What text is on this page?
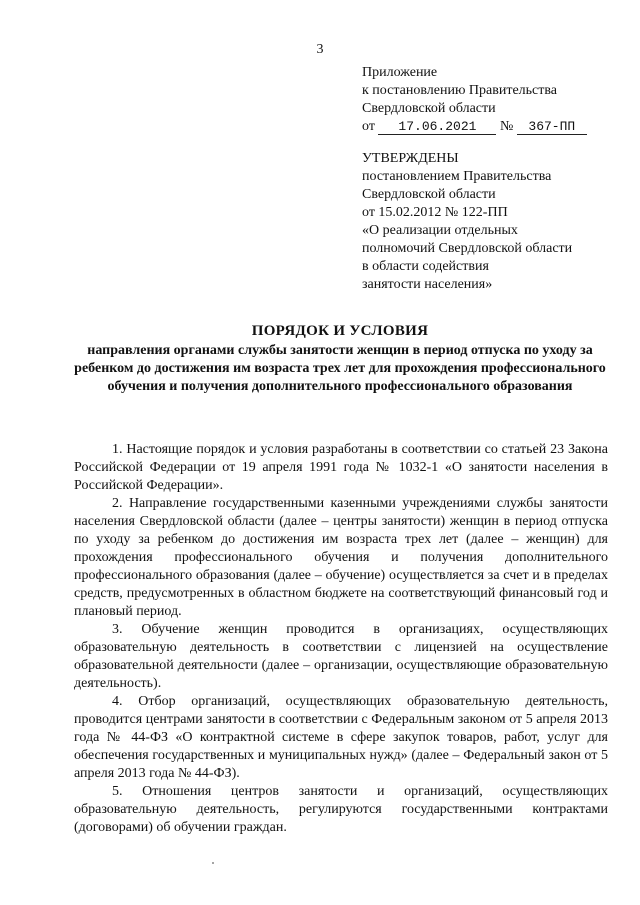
3
Приложение
к постановлению Правительства
Свердловской области
от 17.06.2021 № 367-ПП
УТВЕРЖДЕНЫ
постановлением Правительства
Свердловской области
от 15.02.2012 № 122-ПП
«О реализации отдельных
полномочий Свердловской области
в области содействия
занятости населения»
ПОРЯДОК И УСЛОВИЯ
направления органами службы занятости женщин в период отпуска по уходу за ребенком до достижения им возраста трех лет для прохождения профессионального обучения и получения дополнительного профессионального образования

1. Настоящие порядок и условия разработаны в соответствии со статьей 23 Закона Российской Федерации от 19 апреля 1991 года № 1032-1 «О занятости населения в Российской Федерации».

2. Направление государственными казенными учреждениями службы занятости населения Свердловской области (далее – центры занятости) женщин в период отпуска по уходу за ребенком до достижения им возраста трех лет (далее – женщин) для прохождения профессионального обучения и получения дополнительного профессионального образования (далее – обучение) осуществляется за счет и в пределах средств, предусмотренных в областном бюджете на соответствующий финансовый год и плановый период.

3. Обучение женщин проводится в организациях, осуществляющих образовательную деятельность в соответствии с лицензией на осуществление образовательной деятельности (далее – организации, осуществляющие образовательную деятельность).

4. Отбор организаций, осуществляющих образовательную деятельность, проводится центрами занятости в соответствии с Федеральным законом от 5 апреля 2013 года № 44-ФЗ «О контрактной системе в сфере закупок товаров, работ, услуг для обеспечения государственных и муниципальных нужд» (далее – Федеральный закон от 5 апреля 2013 года № 44-ФЗ).

5. Отношения центров занятости и организаций, осуществляющих образовательную деятельность, регулируются государственными контрактами (договорами) об обучении граждан.
